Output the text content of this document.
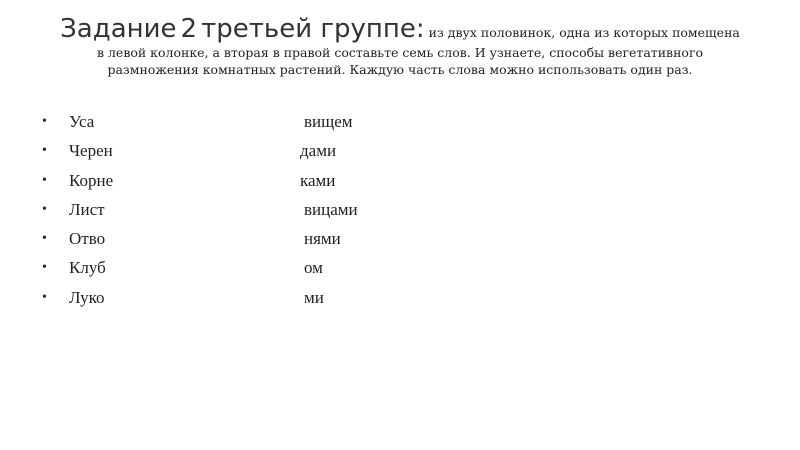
Задание 2 третьей группе: из двух половинок, одна из которых помещена
в левой колонке, а вторая в правой составьте семь слов. И узнаете, способы вегетативного
размножения комнатных растений. Каждую часть слова можно использовать один раз.
• Уса	вищем
• Черен	дами
• Корне	ками
• Лист	вицами
• Отво	нями
• Клуб	ом
• Луко	ми
